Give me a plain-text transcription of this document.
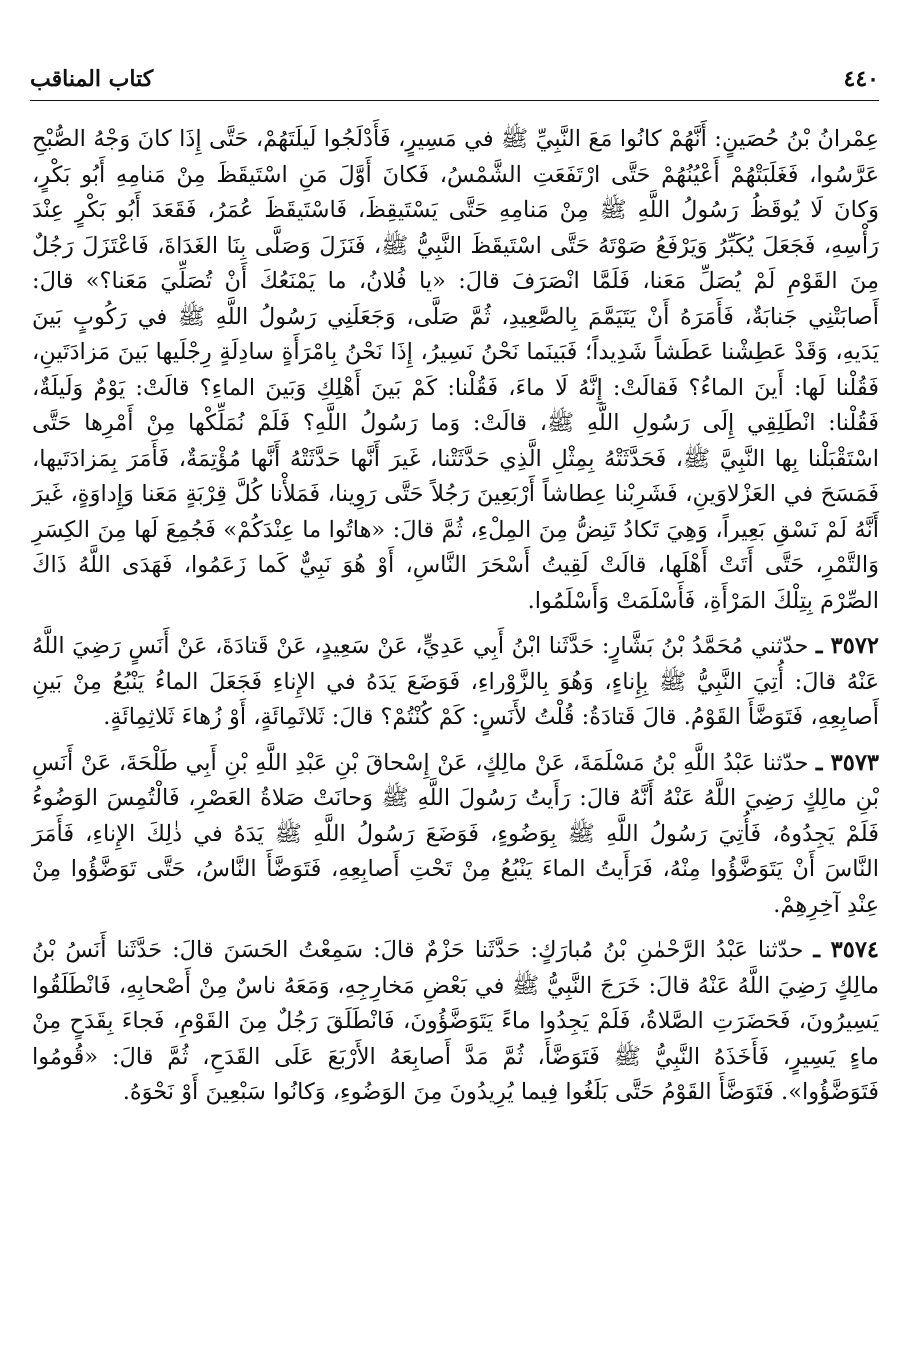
٤٤٠
كتاب المناقب

عِمْرانُ بْنُ حُصَينٍ: أَنَّهُمْ كانُوا مَعَ النَّبِيِّ ﷺ في مَسِيرٍ، فَأَدْلَجُوا لَيلَتَهُمْ، حَتَّى إِذَا كانَ وَجْهُ الصُّبْحِ عَرَّسُوا، فَغَلَبَتْهُمْ أَعْيُنُهُمْ حَتَّى ارْتَفَعَتِ الشَّمْسُ، فَكانَ أَوَّلَ مَنِ اسْتَيقَظَ مِنْ مَنامِهِ أَبُو بَكْرٍ، وَكانَ لَا يُوقَظُ رَسُولُ اللَّهِ ﷺ مِنْ مَنامِهِ حَتَّى يَسْتَيقِظَ، فَاسْتَيقَظَ عُمَرُ، فَقَعَدَ أَبُو بَكْرٍ عِنْدَ رَأْسِهِ، فَجَعَلَ يُكَبِّرُ وَيَرْفَعُ صَوْتَهُ حَتَّى اسْتَيقَظَ النَّبِيُّ ﷺ، فَنَزَلَ وَصَلَّى بِنَا الغَدَاةَ، فَاعْتَزَلَ رَجُلٌ مِنَ القَوْمِ لَمْ يُصَلِّ مَعَنا، فَلَمَّا انْصَرَفَ قالَ: «يا فُلانُ، ما يَمْنَعُكَ أَنْ تُصَلِّيَ مَعَنا؟» قالَ: أَصابَتْنِي جَنابَةٌ، فَأَمَرَهُ أَنْ يَتَيَمَّمَ بِالصَّعِيدِ، ثُمَّ صَلَّى، وَجَعَلَنِي رَسُولُ اللَّهِ ﷺ في رَكُوبٍ بَينَ يَدَيهِ، وَقَدْ عَطِشْنا عَطَشاً شَدِيداً؛ فَبَينَما نَحْنُ نَسِيرُ، إِذَا نَحْنُ بِامْرَأَةٍ سادِلَةٍ رِجْلَيها بَينَ مَزادَتَينِ، فَقُلْنا لَها: أَينَ الماءُ؟ فَقالَتْ: إِنَّهُ لَا ماءَ، فَقُلْنا: كَمْ بَينَ أَهْلِكِ وَبَينَ الماءِ؟ قالَتْ: يَوْمٌ وَلَيلَةٌ، فَقُلْنا: انْطَلِقِي إِلَى رَسُولِ اللَّهِ ﷺ، قالَتْ: وَما رَسُولُ اللَّهِ؟ فَلَمْ نُمَلِّكْها مِنْ أَمْرِها حَتَّى اسْتَقْبَلْنا بِها النَّبِيَّ ﷺ، فَحَدَّثَتْهُ بِمِثْلِ الَّذِي حَدَّثَتْنا، غَيرَ أَنَّها حَدَّثَتْهُ أَنَّها مُؤْتِمَةٌ، فَأَمَرَ بِمَزادَتَيها، فَمَسَحَ في العَزْلاوَينِ، فَشَرِبْنا عِطاشاً أَرْبَعِينَ رَجُلاً حَتَّى رَوِينا، فَمَلأْنا كُلَّ قِرْبَةٍ مَعَنا وَإِداوَةٍ، غَيرَ أَنَّهُ لَمْ نَسْقِ بَعِيراً، وَهِيَ تَكادُ تَنِضُّ مِنَ المِلْءِ، ثُمَّ قالَ: «هاتُوا ما عِنْدَكُمْ» فَجُمِعَ لَها مِنَ الكِسَرِ وَالتَّمْرِ، حَتَّى أَتَتْ أَهْلَها، قالَتْ لَقِيتُ أَسْحَرَ النَّاسِ، أَوْ هُوَ نَبِيٌّ كَما زَعَمُوا، فَهَدَى اللَّهُ ذَاكَ الصِّرْمَ بِتِلْكَ المَرْأَةِ، فَأَسْلَمَتْ وَأَسْلَمُوا.

٣٥٧٢ ـ حدّثني مُحَمَّدُ بْنُ بَشَّارٍ: حَدَّثَنا ابْنُ أَبِي عَدِيٍّ، عَنْ سَعِيدٍ، عَنْ قَتادَةَ، عَنْ أَنَسٍ رَضِيَ اللَّهُ عَنْهُ قالَ: أُتِيَ النَّبِيُّ ﷺ بِإِناءٍ، وَهُوَ بِالزَّوْراءِ، فَوَضَعَ يَدَهُ في الإِناءِ فَجَعَلَ الماءُ يَنْبُعُ مِنْ بَينِ أَصابِعِهِ، فَتَوَضَّأَ القَوْمُ. قالَ قَتادَةُ: قُلْتُ لأَنَسٍ: كَمْ كُنْتُمْ؟ قالَ: ثَلاثَمِائَةٍ، أَوْ زُهاءَ ثَلاثِمِائَةٍ.

٣٥٧٣ ـ حدّثنا عَبْدُ اللَّهِ بْنُ مَسْلَمَةَ، عَنْ مالِكٍ، عَنْ إِسْحاقَ بْنِ عَبْدِ اللَّهِ بْنِ أَبِي طَلْحَةَ، عَنْ أَنَسِ بْنِ مالِكٍ رَضِيَ اللَّهُ عَنْهُ أَنَّهُ قالَ: رَأَيتُ رَسُولَ اللَّهِ ﷺ وَحانَتْ صَلاةُ العَصْرِ، فَالْتُمِسَ الوَضُوءُ فَلَمْ يَجِدُوهُ، فَأُتِيَ رَسُولُ اللَّهِ ﷺ بِوَضُوءٍ، فَوَضَعَ رَسُولُ اللَّهِ ﷺ يَدَهُ في ذٰلِكَ الإِناءِ، فَأَمَرَ النَّاسَ أَنْ يَتَوَضَّؤُوا مِنْهُ، فَرَأَيتُ الماءَ يَنْبُعُ مِنْ تَحْتِ أَصابِعِهِ، فَتَوَضَّأَ النَّاسُ، حَتَّى تَوَضَّؤُوا مِنْ عِنْدِ آخِرِهِمْ.

٣٥٧٤ ـ حدّثنا عَبْدُ الرَّحْمٰنِ بْنُ مُبارَكٍ: حَدَّثَنا حَزْمٌ قالَ: سَمِعْتُ الحَسَنَ قالَ: حَدَّثَنا أَنَسُ بْنُ مالِكٍ رَضِيَ اللَّهُ عَنْهُ قالَ: خَرَجَ النَّبِيُّ ﷺ في بَعْضِ مَخارِجِهِ، وَمَعَهُ ناسٌ مِنْ أَصْحابِهِ، فَانْطَلَقُوا يَسِيرُونَ، فَحَضَرَتِ الصَّلاةُ، فَلَمْ يَجِدُوا ماءً يَتَوَضَّؤُونَ، فَانْطَلَقَ رَجُلٌ مِنَ القَوْمِ، فَجاءَ بِقَدَحٍ مِنْ ماءٍ يَسِيرٍ، فَأَخَذَهُ النَّبِيُّ ﷺ فَتَوَضَّأَ، ثُمَّ مَدَّ أَصابِعَهُ الأَرْبَعَ عَلَى القَدَحِ، ثُمَّ قالَ: «قُومُوا فَتَوَضَّؤُوا». فَتَوَضَّأَ القَوْمُ حَتَّى بَلَغُوا فِيما يُرِيدُونَ مِنَ الوَضُوءِ، وَكانُوا سَبْعِينَ أَوْ نَحْوَهُ.
